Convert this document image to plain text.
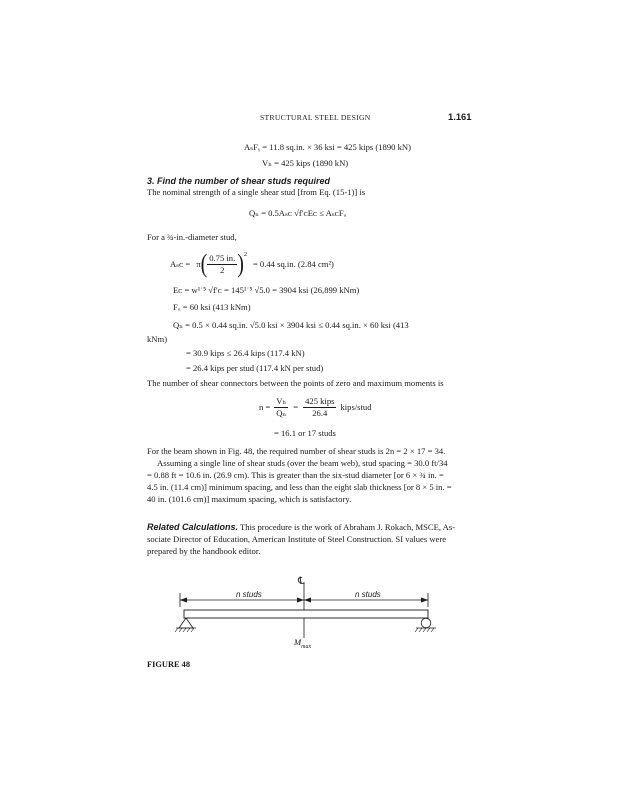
STRUCTURAL STEEL DESIGN	1.161
AₛFᵧ = 11.8 sq.in. × 36 ksi = 425 kips (1890 kN)
Vₕ = 425 kips (1890 kN)
3. Find the number of shear studs required
The nominal strength of a single shear stud [from Eq. (15-1)] is
Qₙ = 0.5Aₛᴄ √f′ᴄEᴄ ≤ AₛᴄFᵤ
For a ¾-in.-diameter stud,
Aₛᴄ = π ( $\frac{0.75 in.}{2}$ ) 2
= 0.44 sq.in. (2.84 cm²)
Eᴄ = w¹˙⁵ √f′ᴄ = 145¹˙⁵ √5.0 = 3904 ksi (26,899 kNm)
Fᵤ = 60 ksi (413 kNm)
Qₙ = 0.5 × 0.44 sq.in. √5.0 ksi × 3904 ksi ≤ 0.44 sq.in. × 60 ksi (413
kNm)
= 30.9 kips ≤ 26.4 kips (117.4 kN)
= 26.4 kips per stud (117.4 kN per stud)
The number of shear connectors between the points of zero and maximum moments is
$n = \frac{\text{Vₕ}}{\text{Qₙ}} = \frac{\text{425 kips}}{26.4}$ kips/stud
= 16.1 or 17 studs
For the beam shown in Fig. 48, the required number of shear studs is 2n = 2 × 17 = 34.
Assuming a single line of shear studs (over the beam web), stud spacing = 30.0 ft/34
= 0.88 ft = 10.6 in. (26.9 cm). This is greater than the six-stud diameter [or 6 × ¾ in. =
4.5 in. (11.4 cm)] minimum spacing, and less than the eight slab thickness [or 8 × 5 in. =
40 in. (101.6 cm)] maximum spacing, which is satisfactory.
Related Calculations. This procedure is the work of Abraham J. Rokach, MSCE, As-
sociate Director of Education, American Institute of Steel Construction. SI values were
prepared by the handbook editor.
℄
n studs	n studs
$M_{max}$
FIGURE 48
